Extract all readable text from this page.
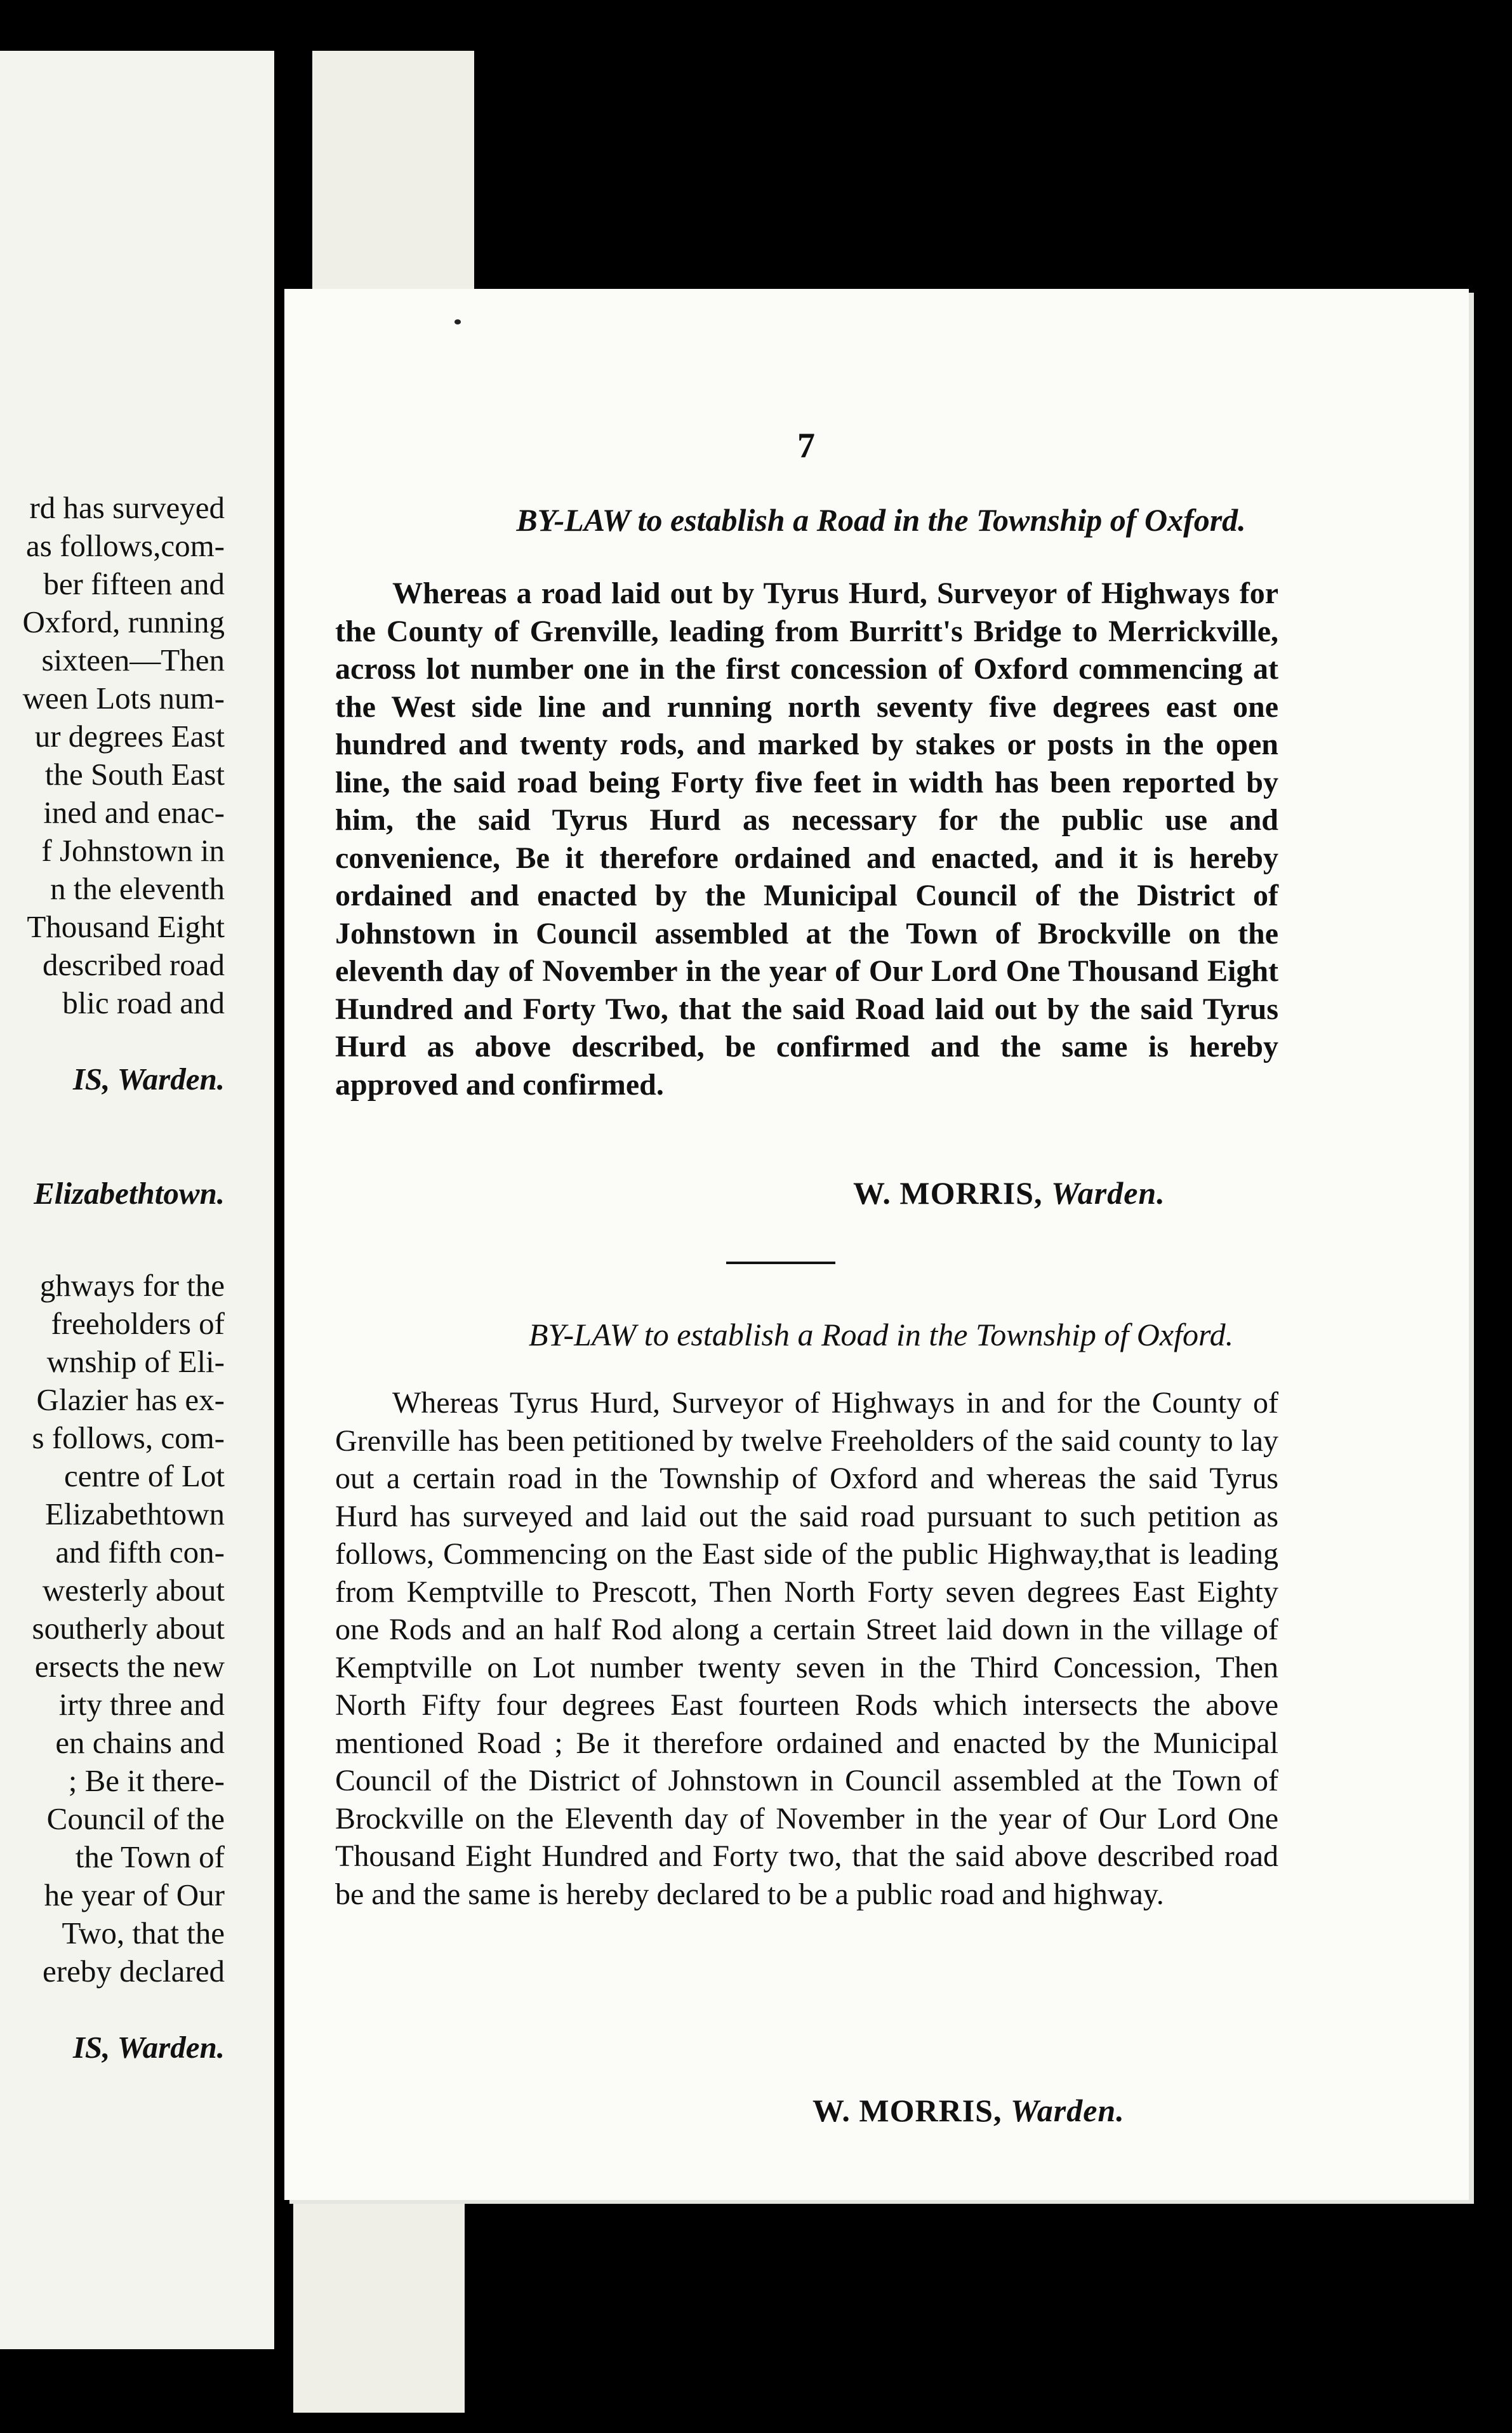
rd has surveyed
as follows,com-
ber fifteen and
Oxford, running
sixteen—Then
ween Lots num-
ur degrees East
the South East
ined and enac-
f Johnstown in
n the eleventh
Thousand Eight
described road
blic road and

IS, Warden.

Elizabethtown.
ghways for the
freeholders of
wnship of Eli-
Glazier has ex-
s follows, com-
centre of Lot
Elizabethtown
and fifth con-
westerly about
southerly about
ersects the new
irty three and
en chains and
; Be it there-
Council of the
the Town of
he year of Our
Two, that the
ereby declared

IS, Warden.
7
BY-LAW to establish a Road in the Township of Oxford.
Whereas a road laid out by Tyrus Hurd, Surveyor of Highways for the County of Grenville, leading from Burritt's Bridge to Merrickville, across lot number one in the first concession of Oxford commencing at the West side line and running north seventy five degrees east one hundred and twenty rods, and marked by stakes or posts in the open line, the said road being Forty five feet in width has been reported by him, the said Tyrus Hurd as necessary for the public use and convenience, Be it therefore ordained and enacted, and it is hereby ordained and enacted by the Municipal Council of the District of Johnstown in Council assembled at the Town of Brockville on the eleventh day of November in the year of Our Lord One Thousand Eight Hundred and Forty Two, that the said Road laid out by the said Tyrus Hurd as above described, be confirmed and the same is hereby approved and confirmed.
W. MORRIS, Warden.
BY-LAW to establish a Road in the Township of Oxford.
Whereas Tyrus Hurd, Surveyor of Highways in and for the County of Grenville has been petitioned by twelve Freeholders of the said county to lay out a certain road in the Township of Oxford and whereas the said Tyrus Hurd has surveyed and laid out the said road pursuant to such petition as follows, Commencing on the East side of the public Highway,that is leading from Kemptville to Prescott, Then North Forty seven degrees East Eighty one Rods and an half Rod along a certain Street laid down in the village of Kemptville on Lot number twenty seven in the Third Concession, Then North Fifty four degrees East fourteen Rods which intersects the above mentioned Road ; Be it therefore ordained and enacted by the Municipal Council of the District of Johnstown in Council assembled at the Town of Brockville on the Eleventh day of November in the year of Our Lord One Thousand Eight Hundred and Forty two, that the said above described road be and the same is hereby declared to be a public road and highway.
W. MORRIS, Warden.
